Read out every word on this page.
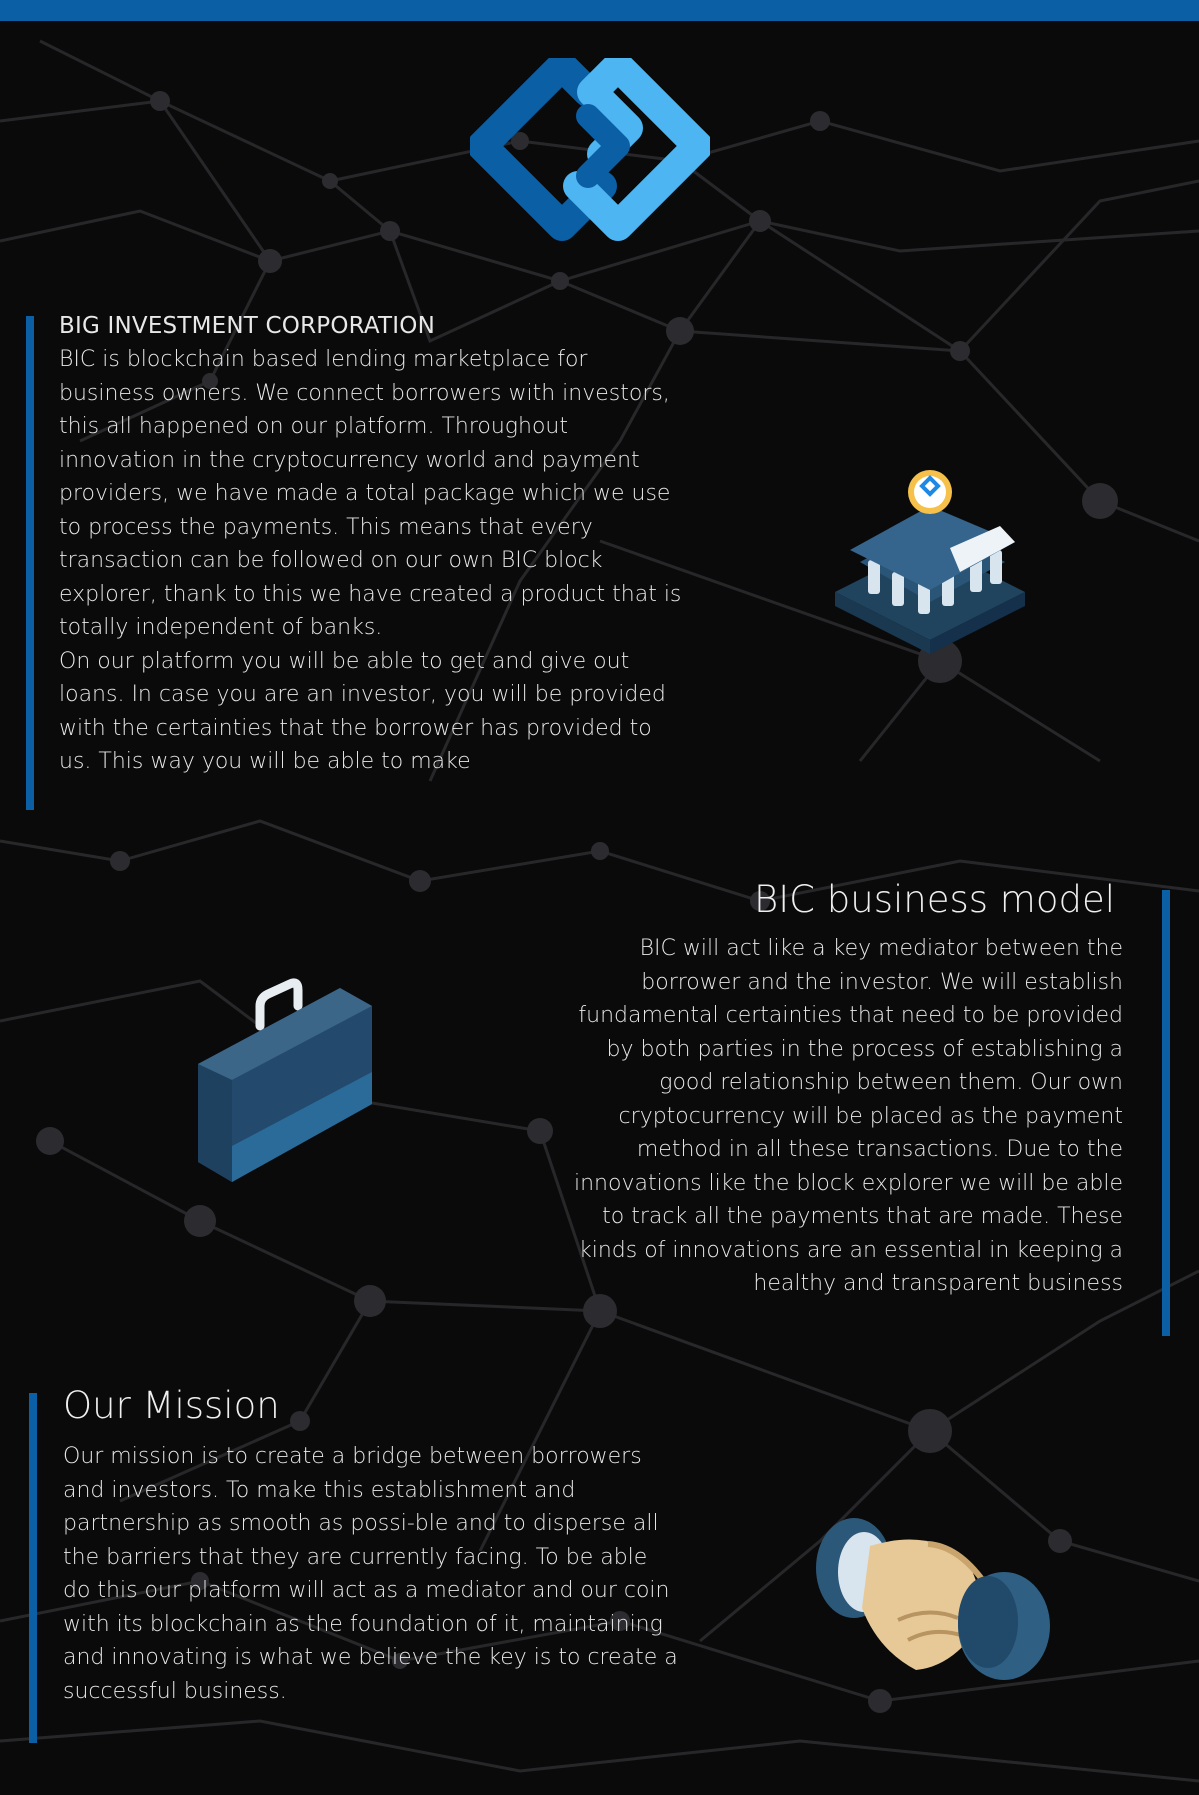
BIG INVESTMENT CORPORATION

BIC is blockchain based lending marketplace for business owners. We connect borrowers with investors, this all happened on our platform. Throughout innovation in the cryptocurrency world and payment providers, we have made a total package which we use to process the payments. This means that every transaction can be followed on our own BIC block explorer, thank to this we have created a product that is totally independent of banks.

On our platform you will be able to get and give out loans. In case you are an investor, you will be provided with the certainties that the borrower has provided to us. This way you will be able to make

BIC business model
BIC will act like a key mediator between the borrower and the investor. We will establish fundamental certainties that need to be provided by both parties in the process of establishing a good relationship between them. Our own cryptocurrency will be placed as the payment method in all these transactions. Due to the innovations like the block explorer we will be able to track all the payments that are made. These kinds of innovations are an essential in keeping a healthy and transparent business
Our Mission
Our mission is to create a bridge between borrowers and investors. To make this establishment and partnership as smooth as possi-ble and to disperse all the barriers that they are currently facing. To be able do this our platform will act as a mediator and our coin with its blockchain as the foundation of it, maintaining and innovating is what we believe the key is to create a successful business.
